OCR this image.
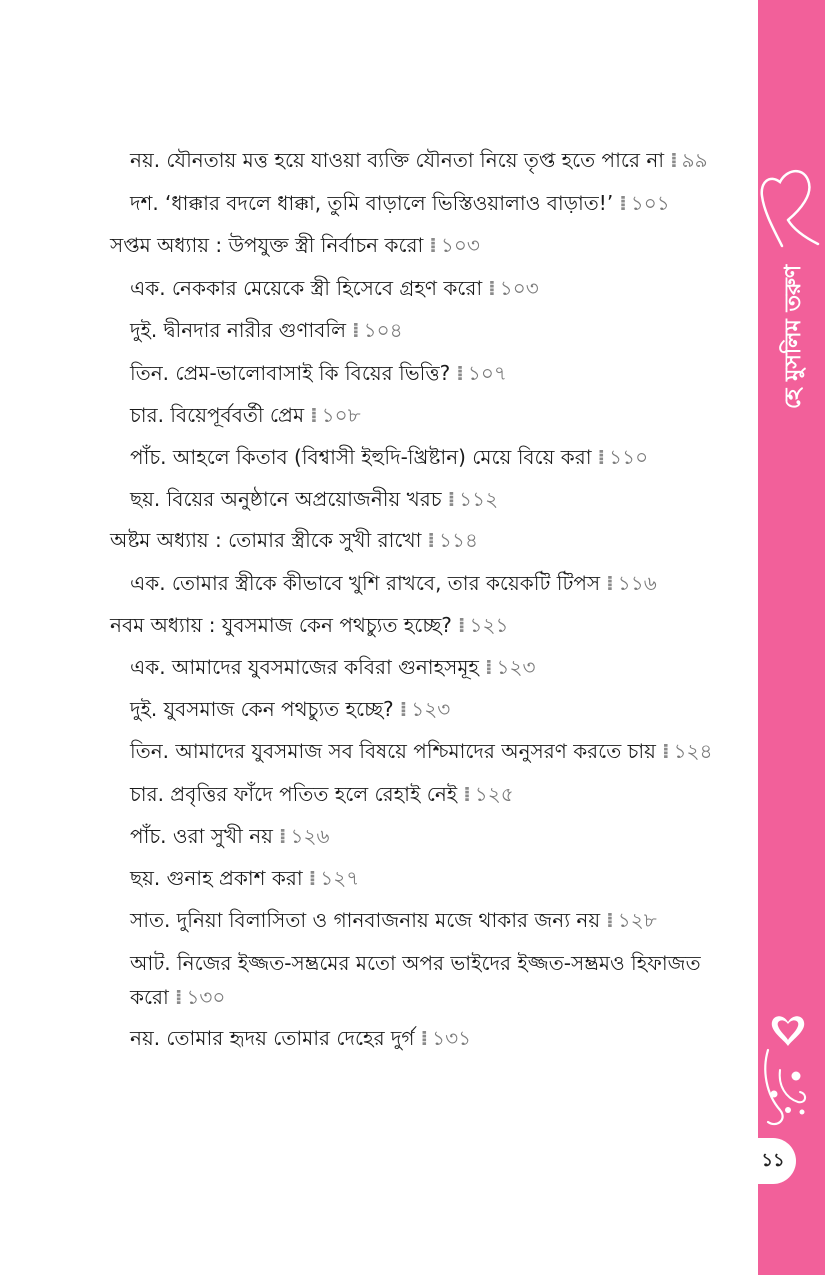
নয়. যৌনতায় মত্ত হয়ে যাওয়া ব্যক্তি যৌনতা নিয়ে তৃপ্ত হতে পারে না ⁞ ৯৯
দশ. ‘ধাক্কার বদলে ধাক্কা, তুমি বাড়ালে ভিস্তিওয়ালাও বাড়াত!’ ⁞ ১০১
সপ্তম অধ্যায় : উপযুক্ত স্ত্রী নির্বাচন করো ⁞ ১০৩
এক. নেককার মেয়েকে স্ত্রী হিসেবে গ্রহণ করো ⁞ ১০৩
দুই. দ্বীনদার নারীর গুণাবলি ⁞ ১০৪
তিন. প্রেম-ভালোবাসাই কি বিয়ের ভিত্তি? ⁞ ১০৭
চার. বিয়েপূর্ববর্তী প্রেম ⁞ ১০৮
পাঁচ. আহলে কিতাব (বিশ্বাসী ইহুদি-খ্রিষ্টান) মেয়ে বিয়ে করা ⁞ ১১০
ছয়. বিয়ের অনুষ্ঠানে অপ্রয়োজনীয় খরচ ⁞ ১১২
অষ্টম অধ্যায় : তোমার স্ত্রীকে সুখী রাখো ⁞ ১১৪
এক. তোমার স্ত্রীকে কীভাবে খুশি রাখবে, তার কয়েকটি টিপস ⁞ ১১৬
নবম অধ্যায় : যুবসমাজ কেন পথচ্যুত হচ্ছে? ⁞ ১২১
এক. আমাদের যুবসমাজের কবিরা গুনাহসমূহ ⁞ ১২৩
দুই. যুবসমাজ কেন পথচ্যুত হচ্ছে? ⁞ ১২৩
তিন. আমাদের যুবসমাজ সব বিষয়ে পশ্চিমাদের অনুসরণ করতে চায় ⁞ ১২৪
চার. প্রবৃত্তির ফাঁদে পতিত হলে রেহাই নেই ⁞ ১২৫
পাঁচ. ওরা সুখী নয় ⁞ ১২৬
ছয়. গুনাহ প্রকাশ করা ⁞ ১২৭
সাত. দুনিয়া বিলাসিতা ও গানবাজনায় মজে থাকার জন্য নয় ⁞ ১২৮
আট. নিজের ইজ্জত-সম্ভ্রমের মতো অপর ভাইদের ইজ্জত-সম্ভ্রমও হিফাজত করো ⁞ ১৩০
নয়. তোমার হৃদয় তোমার দেহের দুর্গ ⁞ ১৩১
হে মুসলিম তরুণ
১১
